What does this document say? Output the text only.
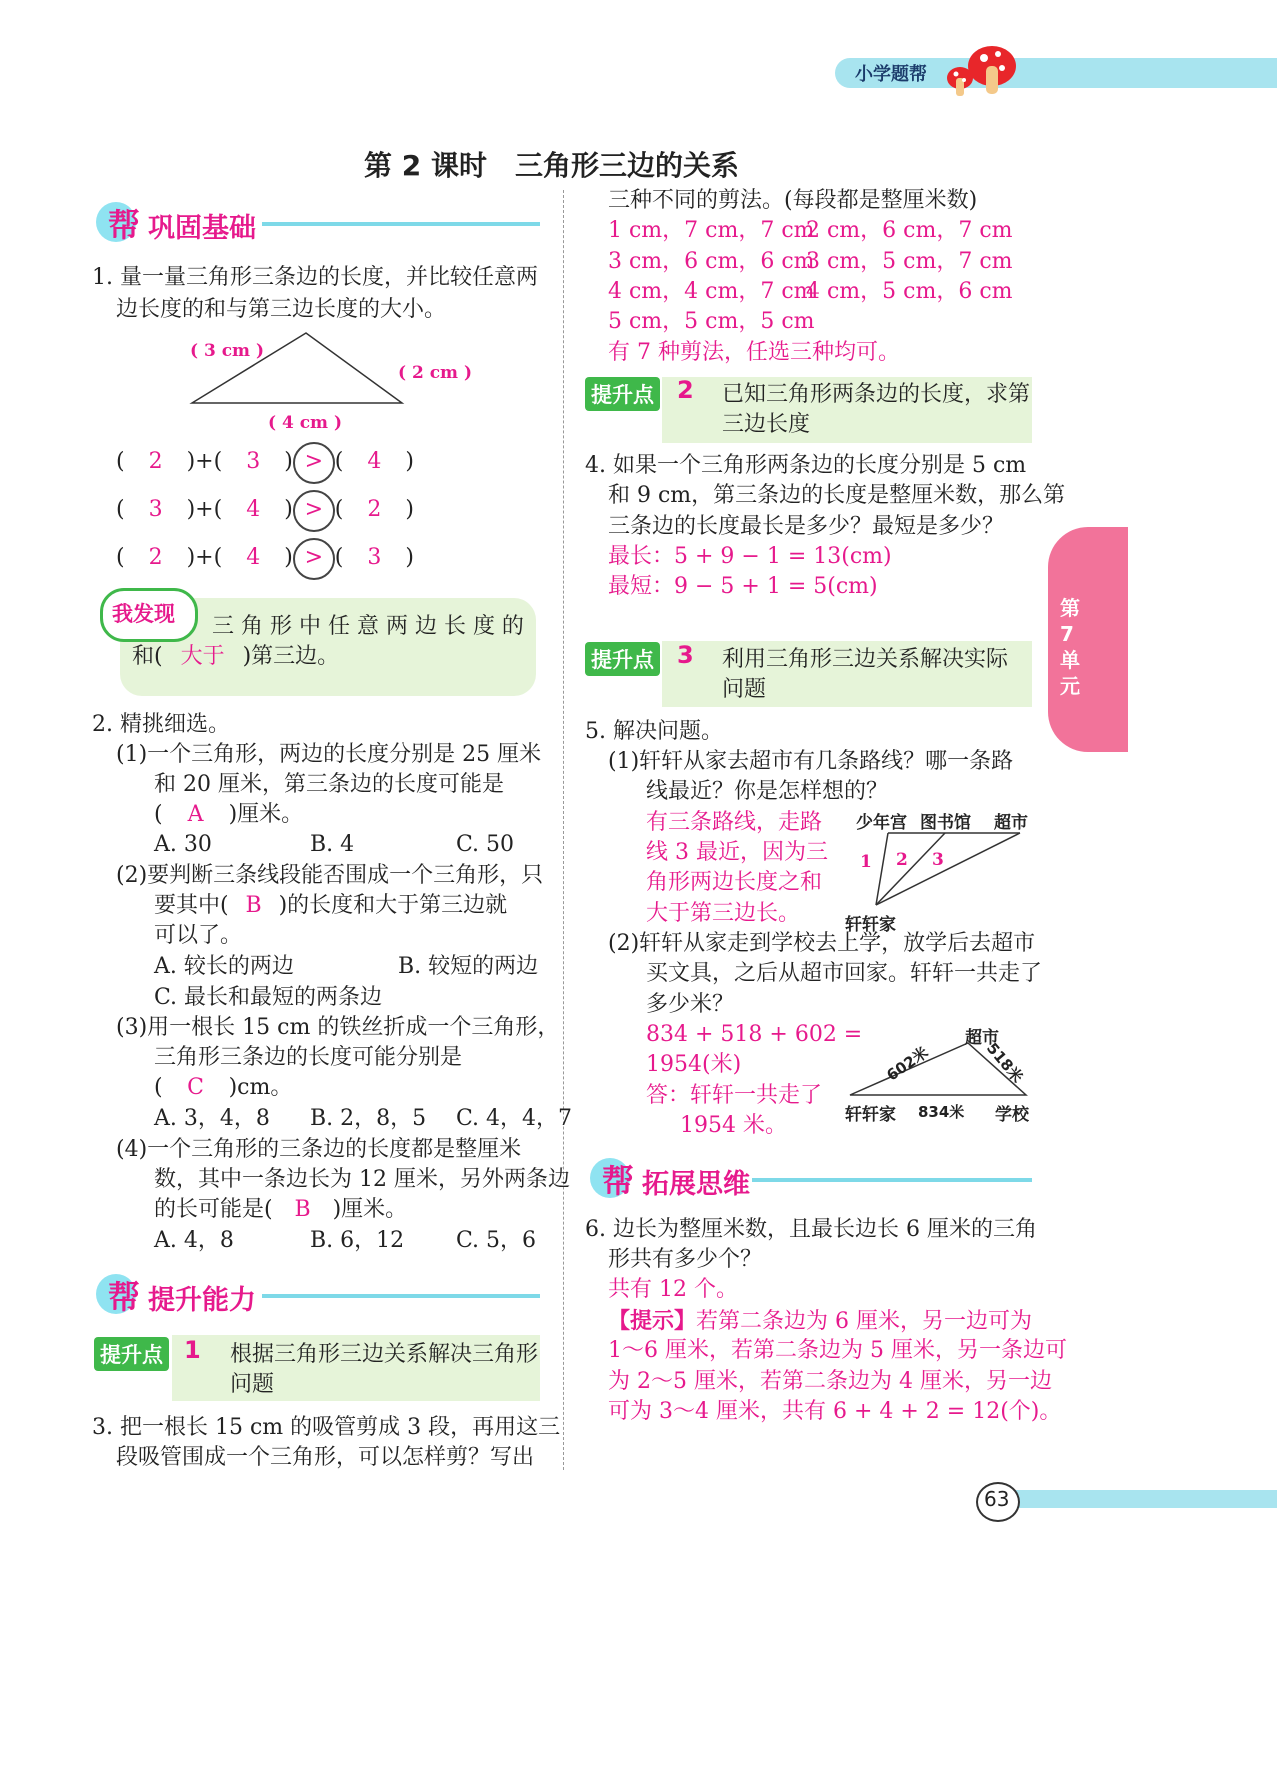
小学题帮
第7单元
第 2 课时　三角形三边的关系
帮 巩固基础
1. 量一量三角形三条边的长度，并比较任意两
边长度的和与第三边长度的大小。
( 3 cm )
( 2 cm )
( 4 cm )
( 2 )+( 3 ) > ( 4 )
( 3 )+( 4 ) > ( 2 )
( 2 )+( 4 ) > ( 3 )
我发现 三 角 形 中 任 意 两 边 长 度 的
和( 大于 )第三边。
2. 精挑细选。
(1)一个三角形，两边的长度分别是 25 厘米
和 20 厘米，第三条边的长度可能是
( A )厘米。
A. 30	B. 4	C. 50
(2)要判断三条线段能否围成一个三角形，只
要其中( B )的长度和大于第三边就
可以了。
A. 较长的两边	B. 较短的两边
C. 最长和最短的两条边
(3)用一根长 15 cm 的铁丝折成一个三角形，
三角形三条边的长度可能分别是
( C )cm。
A. 3，4，8 B. 2，8，5 C. 4，4，7
(4)一个三角形的三条边的长度都是整厘米
数，其中一条边长为 12 厘米，另外两条边
的长可能是( B )厘米。
A. 4，8	B. 6，12 C. 5，6
帮 提升能力
提升点 1 根据三角形三边关系解决三角形
问题
3. 把一根长 15 cm 的吸管剪成 3 段，再用这三
段吸管围成一个三角形，可以怎样剪？写出
三种不同的剪法。(每段都是整厘米数)
1 cm，7 cm，7 cm
2 cm，6 cm，7 cm
3 cm，6 cm，6 cm
3 cm，5 cm，7 cm
4 cm，4 cm，7 cm
4 cm，5 cm，6 cm
5 cm，5 cm，5 cm
有 7 种剪法，任选三种均可。
提升点 2 已知三角形两条边的长度，求第
三边长度
4. 如果一个三角形两条边的长度分别是 5 cm
和 9 cm，第三条边的长度是整厘米数，那么第
三条边的长度最长是多少？最短是多少？
最长：5 + 9 − 1 = 13(cm)
最短：9 − 5 + 1 = 5(cm)
提升点 3 利用三角形三边关系解决实际
问题
5. 解决问题。
(1)轩轩从家去超市有几条路线？哪一条路
线最近？你是怎样想的？
有三条路线，走路
线 3 最近，因为三
角形两边长度之和
大于第三边长。
少年宫 图书馆 超市
轩轩家
1 2 3
(2)轩轩从家走到学校去上学，放学后去超市
买文具，之后从超市回家。轩轩一共走了
多少米？
834 + 518 + 602 =
1954(米)
答：轩轩一共走了
1954 米。
超市
轩轩家	学校
602米	518米
834米
帮 拓展思维
6. 边长为整厘米数，且最长边长 6 厘米的三角
形共有多少个？
共有 12 个。
【提示】若第二条边为 6 厘米，另一边可为
1～6 厘米，若第二条边为 5 厘米，另一条边可
为 2～5 厘米，若第二条边为 4 厘米，另一边
可为 3～4 厘米，共有 6 + 4 + 2 = 12(个)。
63
